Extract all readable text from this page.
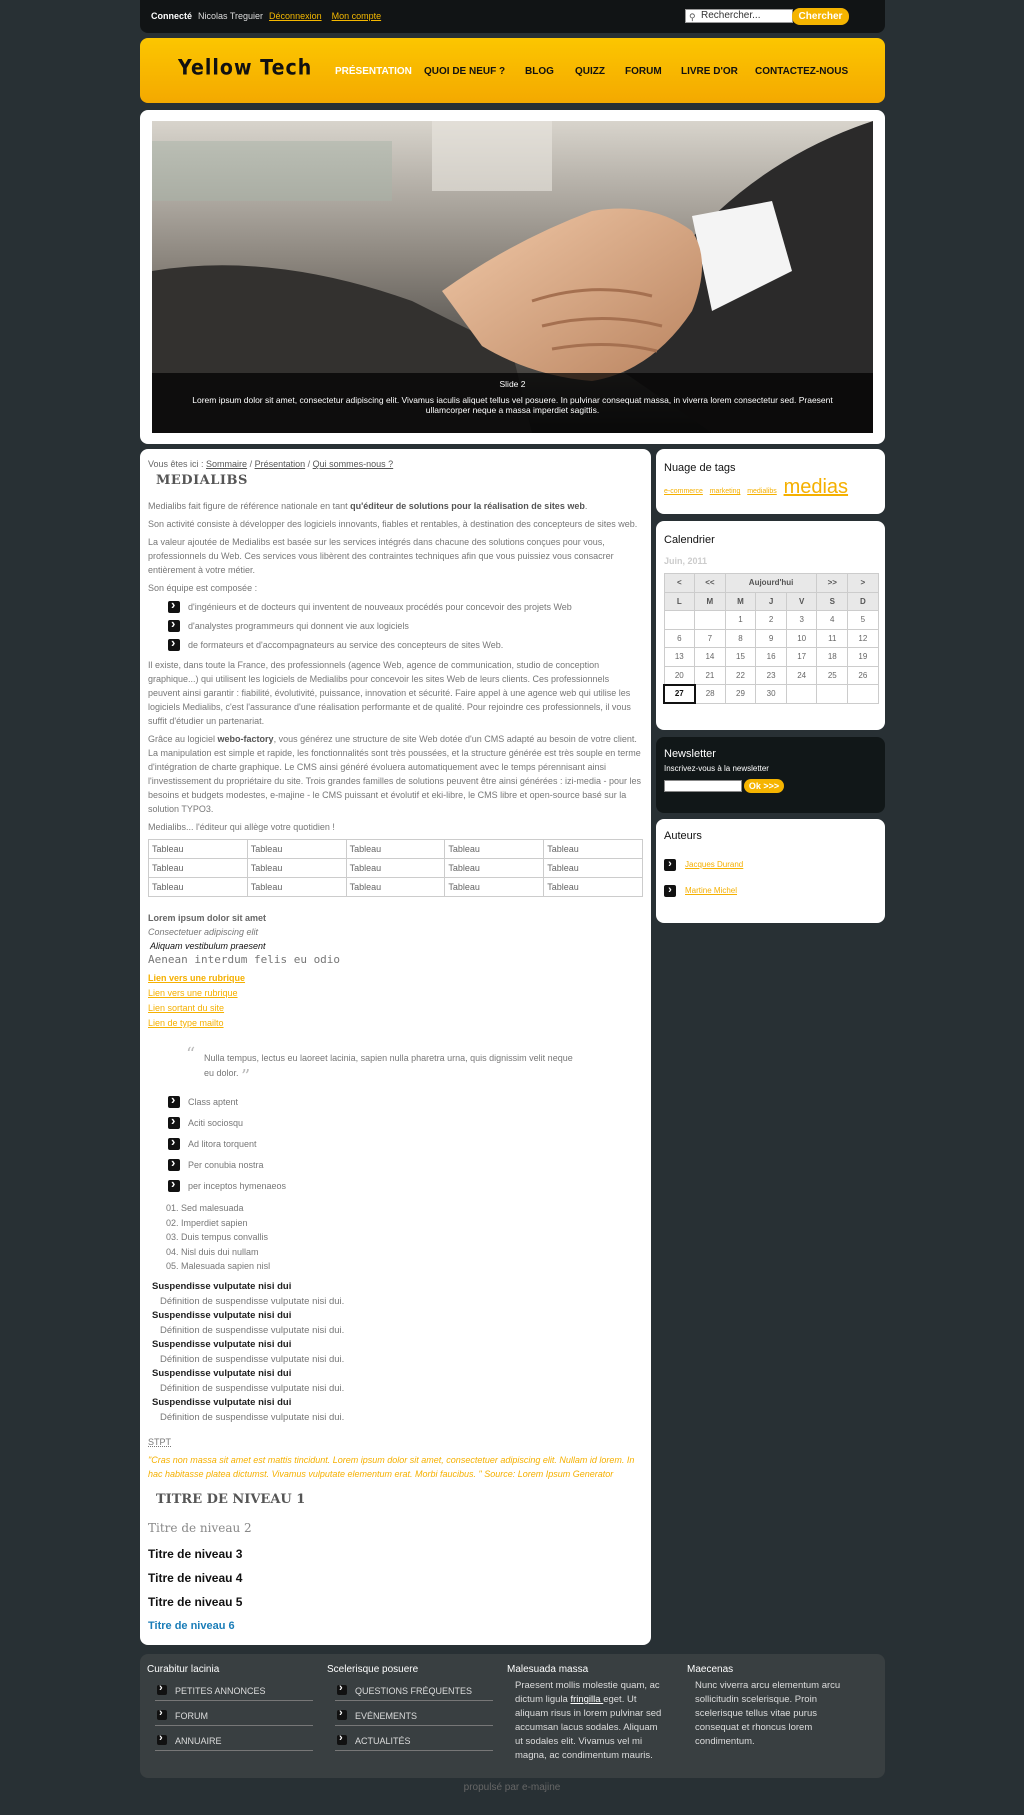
Connecté Nicolas Treguier Déconnexion Mon compte	⚲ Rechercher...	Chercher
Yellow Tech PRÉSENTATION QUOI DE NEUF ? BLOG QUIZZ FORUM LIVRE D'OR CONTACTEZ-NOUS
Slide 2
Lorem ipsum dolor sit amet, consectetur adipiscing elit. Vivamus iaculis aliquet tellus vel posuere. In pulvinar consequat massa, in viverra lorem consectetur sed. Praesent ullamcorper neque a massa imperdiet sagittis.
Vous êtes ici : Sommaire / Présentation / Qui sommes-nous ?
MEDIALIBS

Medialibs fait figure de référence nationale en tant qu'éditeur de solutions pour la réalisation de sites web.

Son activité consiste à développer des logiciels innovants, fiables et rentables, à destination des concepteurs de sites web.

La valeur ajoutée de Medialibs est basée sur les services intégrés dans chacune des solutions conçues pour vous, professionnels du Web. Ces services vous libèrent des contraintes techniques afin que vous puissiez vous consacrer entièrement à votre métier.

Son équipe est composée :

d'ingénieurs et de docteurs qui inventent de nouveaux procédés pour concevoir des projets Web ›
d'analystes programmeurs qui donnent vie aux logiciels ›
de formateurs et d'accompagnateurs au service des concepteurs de sites Web. ›

Il existe, dans toute la France, des professionnels (agence Web, agence de communication, studio de conception graphique...) qui utilisent les logiciels de Medialibs pour concevoir les sites Web de leurs clients. Ces professionnels peuvent ainsi garantir : fiabilité, évolutivité, puissance, innovation et sécurité. Faire appel à une agence web qui utilise les logiciels Medialibs, c'est l'assurance d'une réalisation performante et de qualité. Pour rejoindre ces professionnels, il vous suffit d'étudier un partenariat.

Grâce au logiciel webo-factory, vous générez une structure de site Web dotée d'un CMS adapté au besoin de votre client. La manipulation est simple et rapide, les fonctionnalités sont très poussées, et la structure générée est très souple en terme d'intégration de charte graphique. Le CMS ainsi généré évoluera automatiquement avec le temps pérennisant ainsi l'investissement du propriétaire du site. Trois grandes familles de solutions peuvent être ainsi générées : izi-media - pour les besoins et budgets modestes, e-majine - le CMS puissant et évolutif et eki-libre, le CMS libre et open-source basé sur la solution TYPO3.

Medialibs... l'éditeur qui allège votre quotidien !

Tableau	Tableau	Tableau	Tableau	Tableau
Tableau	Tableau	Tableau	Tableau	Tableau
Tableau	Tableau	Tableau	Tableau	Tableau
Lorem ipsum dolor sit amet
Consectetuer adipiscing elit
Aliquam vestibulum praesent
Aenean interdum felis eu odio
Lien vers une rubrique
Lien vers une rubrique
Lien sortant du site
Lien de type mailto
“ Nulla tempus, lectus eu laoreet lacinia, sapien nulla pharetra urna, quis dignissim velit neque eu dolor. ”
Class aptent ›
Aciti sociosqu ›
Ad litora torquent ›
Per conubia nostra ›
per inceptos hymenaeos ›
01. Sed malesuada
02. Imperdiet sapien
03. Duis tempus convallis
04. Nisl duis dui nullam
05. Malesuada sapien nisl
Suspendisse vulputate nisi dui
Définition de suspendisse vulputate nisi dui.
Suspendisse vulputate nisi dui
Définition de suspendisse vulputate nisi dui.
Suspendisse vulputate nisi dui
Définition de suspendisse vulputate nisi dui.
Suspendisse vulputate nisi dui
Définition de suspendisse vulputate nisi dui.
Suspendisse vulputate nisi dui
Définition de suspendisse vulputate nisi dui.
STPT
"Cras non massa sit amet est mattis tincidunt. Lorem ipsum dolor sit amet, consectetuer adipiscing elit. Nullam id lorem. In hac habitasse platea dictumst. Vivamus vulputate elementum erat. Morbi faucibus. " Source: Lorem Ipsum Generator
TITRE DE NIVEAU 1
Titre de niveau 2
Titre de niveau 3
Titre de niveau 4
Titre de niveau 5
Titre de niveau 6
Nuage de tags
e-commerce marketing medialibs medias
Calendrier
Juin, 2011
<	<<	Aujourd'hui			>>	>
L	M	M	J	V	S	D
		1	2	3	4	5
6	7	8	9	10	11	12
13	14	15	16	17	18	19
20	21	22	23	24	25	26
27	28	29	30			
Newsletter
Inscrivez-vous à la newsletter
Ok >>>
Auteurs
›	Jacques Durand
›	Martine Michel
Curabitur lacinia
PETITES ANNONCES ›
FORUM ›
ANNUAIRE ›
Scelerisque posuere
QUESTIONS FRÉQUENTES ›
EVÉNEMENTS ›
ACTUALITÉS ›
Malesuada massa
Praesent mollis molestie quam, ac dictum ligula fringilla eget. Ut aliquam risus in lorem pulvinar sed accumsan lacus sodales. Aliquam ut sodales elit. Vivamus vel mi magna, ac condimentum mauris.
Maecenas
Nunc viverra arcu elementum arcu sollicitudin scelerisque. Proin scelerisque tellus vitae purus consequat et rhoncus lorem condimentum.
propulsé par e-majine
